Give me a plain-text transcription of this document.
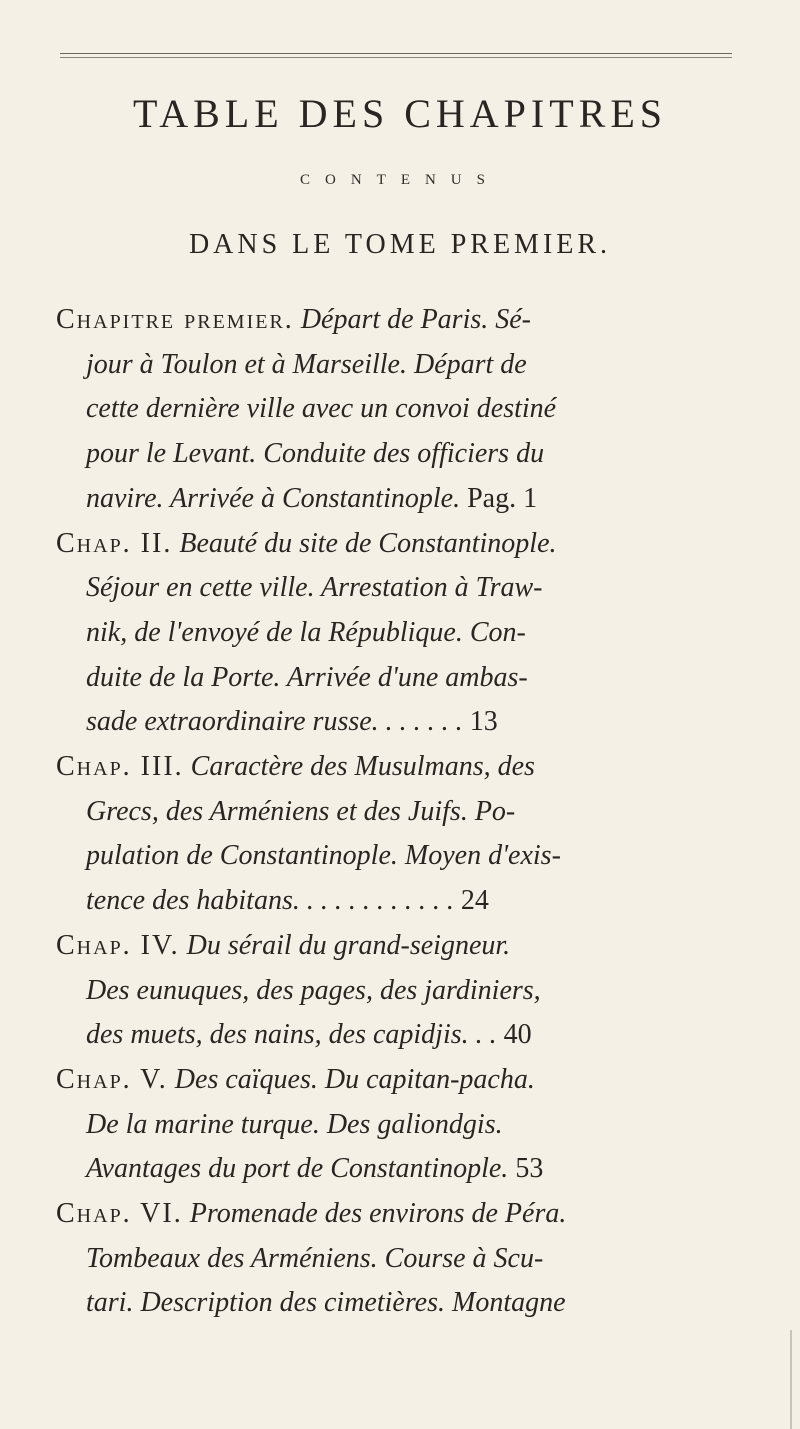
TABLE DES CHAPITRES
CONTENUS
DANS LE TOME PREMIER.
Chapitre premier. Départ de Paris. Sé-
jour à Toulon et à Marseille. Départ de
cette dernière ville avec un convoi destiné
pour le Levant. Conduite des officiers du
navire. Arrivée à Constantinople. Pag. 1
Chap. II. Beauté du site de Constantinople.
Séjour en cette ville. Arrestation à Traw-
nik, de l'envoyé de la République. Con-
duite de la Porte. Arrivée d'une ambas-
sade extraordinaire russe. . . . . . . 13
Chap. III. Caractère des Musulmans, des
Grecs, des Arméniens et des Juifs. Po-
pulation de Constantinople. Moyen d'exis-
tence des habitans. . . . . . . . . . . . 24
Chap. IV. Du sérail du grand-seigneur.
Des eunuques, des pages, des jardiniers,
des muets, des nains, des capidjis. . . 40
Chap. V. Des caïques. Du capitan-pacha.
De la marine turque. Des galiondgis.
Avantages du port de Constantinople. 53
Chap. VI. Promenade des environs de Péra.
Tombeaux des Arméniens. Course à Scu-
tari. Description des cimetières. Montagne
